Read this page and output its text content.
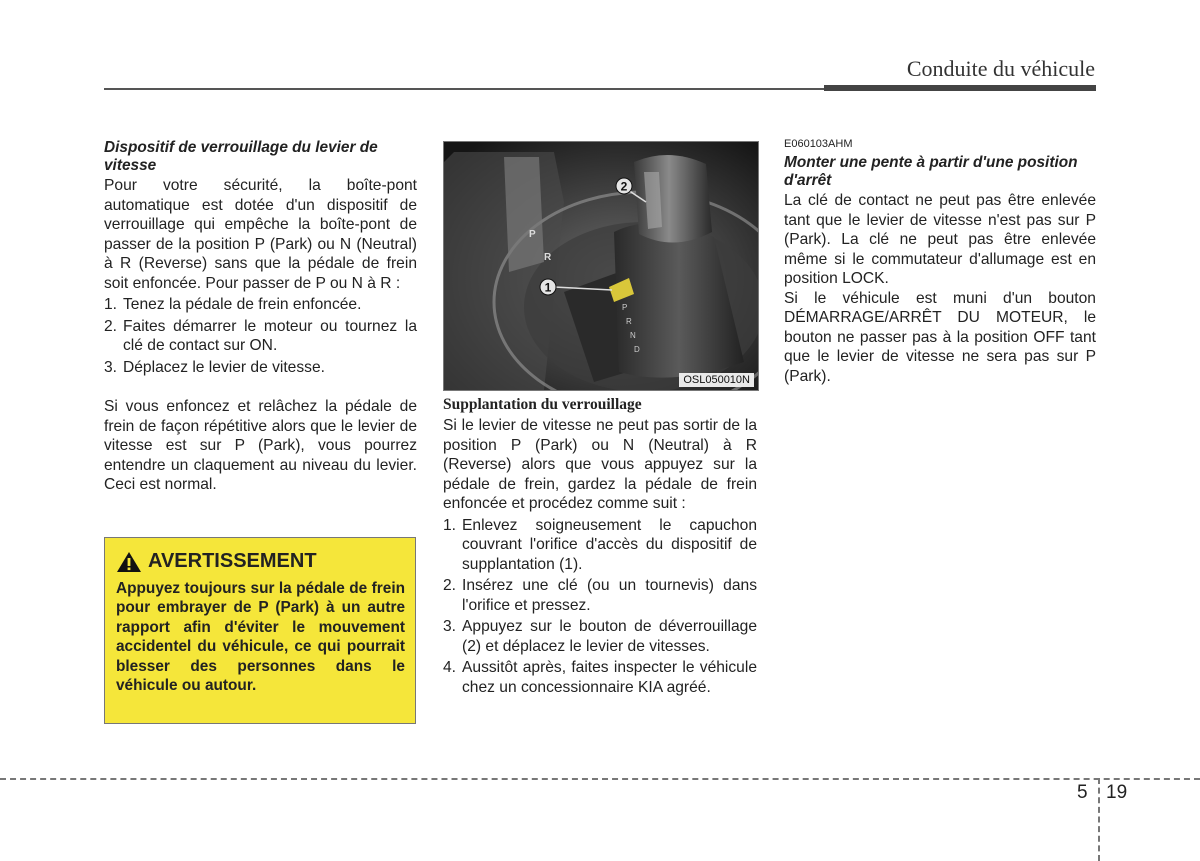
Conduite du véhicule
Dispositif de verrouillage du levier de vitesse

Pour votre sécurité, la boîte-pont automatique est dotée d'un dispositif de verrouillage qui empêche la boîte-pont de passer de la position P (Park) ou N (Neutral) à R (Reverse) sans que la pédale de frein soit enfoncée. Pour passer de P ou N à R :

1. Tenez la pédale de frein enfoncée.
2. Faites démarrer le moteur ou tournez la clé de contact sur ON.
3. Déplacez le levier de vitesse.

Si vous enfoncez et relâchez la pédale de frein de façon répétitive alors que le levier de vitesse est sur P (Park), vous pourrez entendre un claquement au niveau du levier. Ceci est normal.

AVERTISSEMENT
Appuyez toujours sur la pédale de frein pour embrayer de P (Park) à un autre rapport afin d'éviter le mouvement accidentel du véhicule, ce qui pourrait blesser des personnes dans le véhicule ou autour.
1
2
P
R
P
R
N
D
OSL050010N
Supplantation du verrouillage

Si le levier de vitesse ne peut pas sortir de la position P (Park) ou N (Neutral) à R (Reverse) alors que vous appuyez sur la pédale de frein, gardez la pédale de frein enfoncée et procédez comme suit :

1. Enlevez soigneusement le capuchon couvrant l'orifice d'accès du dispositif de supplantation (1).
2. Insérez une clé (ou un tournevis) dans l'orifice et pressez.
3. Appuyez sur le bouton de déverrouillage (2) et déplacez le levier de vitesses.
4. Aussitôt après, faites inspecter le véhicule chez un concessionnaire KIA agréé.
E060103AHM
Monter une pente à partir d'une position d'arrêt

La clé de contact ne peut pas être enlevée tant que le levier de vitesse n'est pas sur P (Park). La clé ne peut pas être enlevée même si le commutateur d'allumage est en position LOCK.

Si le véhicule est muni d'un bouton DÉMARRAGE/ARRÊT DU MOTEUR, le bouton ne passer pas à la position OFF tant que le levier de vitesse ne sera pas sur P (Park).

5 19
